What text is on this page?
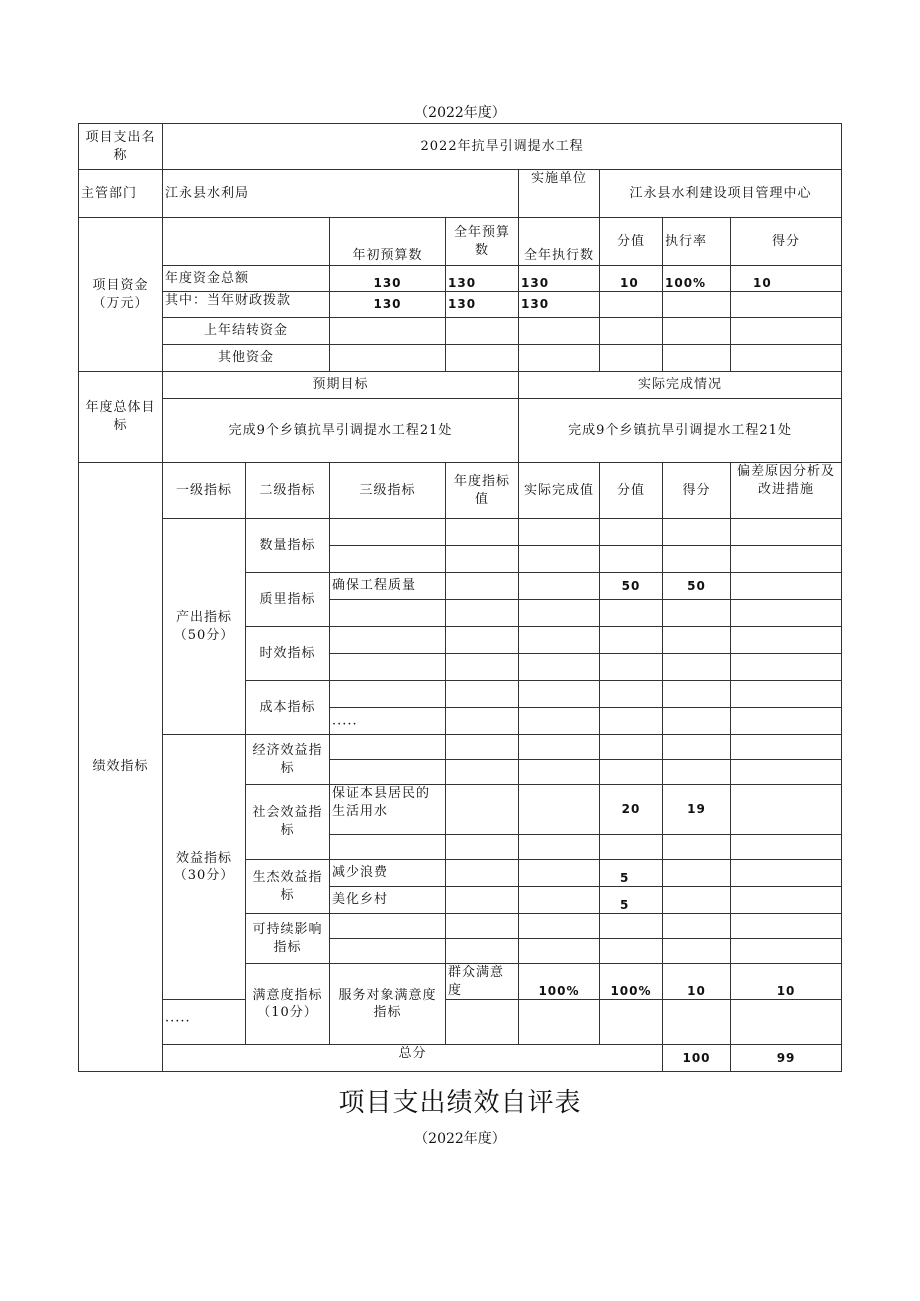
（2022年度）
项目支出名称	2022年抗旱引调提水工程								
主管部门	江永县水利局				实施单位	江永县水利建设项目管理中心			
项目资金（万元）			年初预算数	全年预算数	全年执行数	分值	执行率	得分	
	年度资金总额		130	130	130	10	100%	10	
	其中：当年财政拨款		130	130	130				
	上年结转资金								
	其他资金								
年度总体目标	预期目标				实际完成情况				
	完成9个乡镇抗旱引调提水工程21处				完成9个乡镇抗旱引调提水工程21处				
绩效指标	一级指标	二级指标	三级指标	年度指标值	实际完成值	分值	得分	偏差原因分析及改进措施	
	产出指标（50分）	数量指标							

		质里指标	确保工程质量			50	50		

		时效指标							

		成本指标							
			·····						
	效益指标（30分）	经济效益指标							

		社会效益指标	保证本县居民的生活用水			20	19		

		生杰效益指标	减少浪费			5			
			美化乡村			5			
		可持续影响指标							

		满意度指标（10分）	服务对象满意度指标	群众满意度	100%	100%	10	10	
	·····								
	总分						100	99	
项目支出绩效自评表
（2022年度）
